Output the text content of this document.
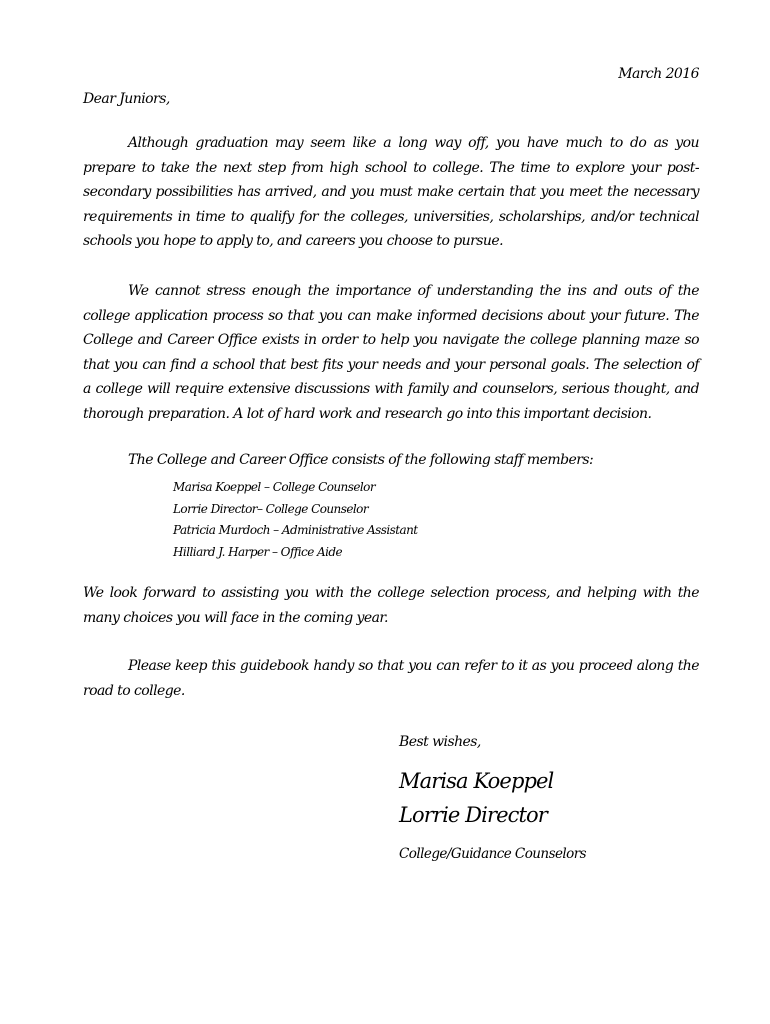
March 2016

Dear Juniors,

Although graduation may seem like a long way off, you have much to do as you prepare to take the next step from high school to college. The time to explore your post-secondary possibilities has arrived, and you must make certain that you meet the necessary requirements in time to qualify for the colleges, universities, scholarships, and/or technical schools you hope to apply to, and careers you choose to pursue.

We cannot stress enough the importance of understanding the ins and outs of the college application process so that you can make informed decisions about your future. The College and Career Office exists in order to help you navigate the college planning maze so that you can find a school that best fits your needs and your personal goals. The selection of a college will require extensive discussions with family and counselors, serious thought, and thorough preparation. A lot of hard work and research go into this important decision.

The College and Career Office consists of the following staff members:

Marisa Koeppel – College Counselor
Lorrie Director– College Counselor
Patricia Murdoch – Administrative Assistant
Hilliard J. Harper – Office Aide

We look forward to assisting you with the college selection process, and helping with the many choices you will face in the coming year.

Please keep this guidebook handy so that you can refer to it as you proceed along the road to college.

Best wishes,

Marisa Koeppel

Lorrie Director

College/Guidance Counselors
